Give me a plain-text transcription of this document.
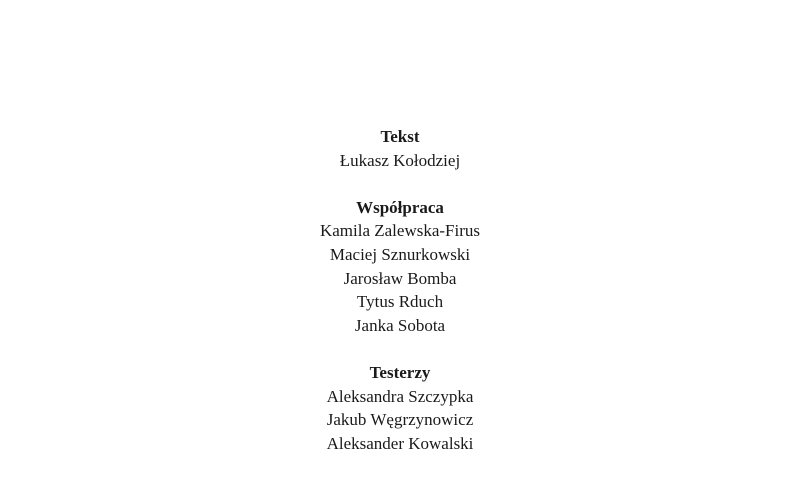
Tekst
Łukasz Kołodziej
Współpraca
Kamila Zalewska-Firus
Maciej Sznurkowski
Jarosław Bomba
Tytus Rduch
Janka Sobota
Testerzy
Aleksandra Szczypka
Jakub Węgrzynowicz
Aleksander Kowalski
